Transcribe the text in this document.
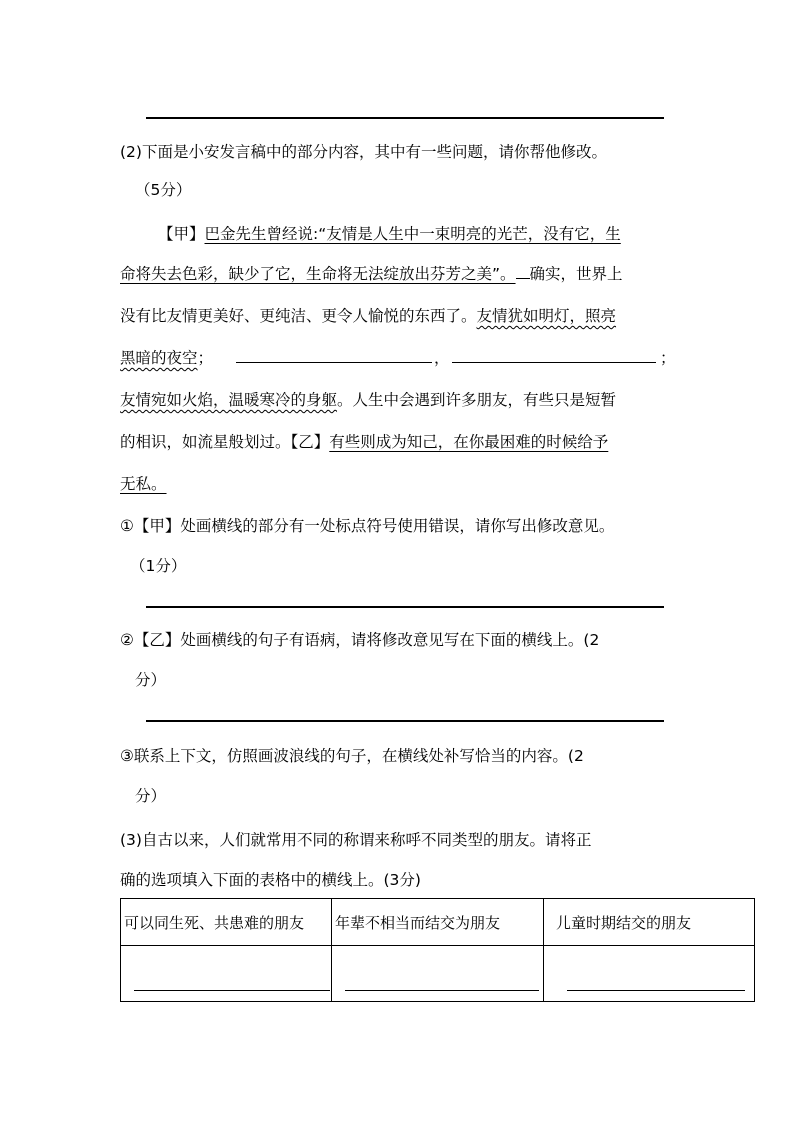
(2)下面是小安发言稿中的部分内容，其中有一些问题，请你帮他修改。
（5分）
【甲】巴金先生曾经说:“友情是人生中一束明亮的光芒，没有它，生
命将失去色彩，缺少了它，生命将无法绽放出芬芳之美”。 确实，世界上
没有比友情更美好、更纯洁、更令人愉悦的东西了。友情犹如明灯，照亮
黑暗的夜空；	，	；
友情宛如火焰，温暖寒冷的身躯。人生中会遇到许多朋友，有些只是短暂
的相识，如流星般划过。【乙】有些则成为知己，在你最困难的时候给予
无私。
①【甲】处画横线的部分有一处标点符号使用错误，请你写出修改意见。
（1分）
②【乙】处画横线的句子有语病，请将修改意见写在下面的横线上。(2
分）
③联系上下文，仿照画波浪线的句子，在横线处补写恰当的内容。(2
分）
(3)自古以来，人们就常用不同的称谓来称呼不同类型的朋友。请将正
确的选项填入下面的表格中的横线上。(3分)
可以同生死、共患难的朋友	年辈不相当而结交为朋友	儿童时期结交的朋友
